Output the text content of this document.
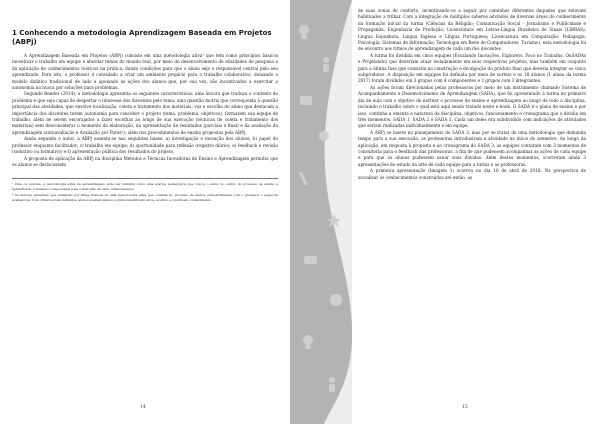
1 Conhecendo a metodologia Aprendizagem Baseada em Projetos (ABPj)

A Aprendizagem Baseada em Projetos (ABPj) consiste em uma metodologia ativa¹ que tem como princípios básicos incentivar o trabalho em equipe e abordar temas do mundo real, por meio do desenvolvimento de atividades de pesquisa e da aplicação de conhecimentos teóricos na prática, dando condições para que o aluno seja o responsável central pelo seu aprendizado. Para isto, o professor é convidado a criar um ambiente propício para o trabalho colaborativo, deixando o modelo didático tradicional de lado e apoiando as ações dos alunos que, por sua vez, são incentivados a exercitar a autonomia na busca por soluções para problemas.

Segundo Bender (2014), a metodologia apresenta os seguintes características: uma âncora que traduza o contexto do problema e que seja capaz de despertar o interesse dos discentes pelo tema; uma questão motriz que corresponda à questão principal das atividades, que envolve localização, coleta e tratamento dos materiais; voz e escolha do aluno que destacam a importância dos discentes terem autonomia para conceber o projeto (tema, problema, objetivos), formarem sua equipe de trabalho, além de serem encorajados a fazer escolhas ao longo de sua execução (técnicas de coleta e tratamento dos materiais) sem desconsiderar o momento da elaboração, da apresentação de resultados (parciais e final) e da avaliação da aprendizagem (autoavaliação e Avaliação por Pares²); além dos procedimentos de ensino propostos pela ABPj.

Ainda segundo o autor, a ABPj assenta-se nas seguintes bases: a) investigação e inovação dos alunos; b) papel do professor enquanto facilitador; c) trabalho em equipe; d) oportunidade para reflexão (registro diário); e) feedback e revisão (somativo ou formativo) e f) apresentação pública dos resultados do projeto.

A proposta de aplicação da ABPj na disciplina Métodos e Técnicas Inovadoras de Ensino e Aprendizagem permitiu que os alunos se deslocassem

¹ Para os autores, a metodologia ativa de aprendizagem pode ser definida como uma prática pedagógica que coloca o aluno no centro do processo de ensino e aprendizado, tornando-o responsável pela construção de seus conhecimentos.

² Os autores entendem que Avaliação por Pares trata-se de uma metodologia ativa que consiste no processo de alunos compartilharem com o professor o papel de avaliadores. Com critérios bem definidos, alunos avaliam alunos e juntos identificam erros, acertos e constroem conhecimento.

14

de suas zonas de conforto, incentivando-os a seguir por caminhos diferentes daqueles que estavam habituados a trilhar. Com a integração de múltiplos saberes advindos de diversas áreas do conhecimento da formação inicial da turma (Ciências da Religião; Comunicação Social - Jornalismo e Publicidade e Propaganda; Engenharia de Produção; Licenciatura em Letras-Língua Brasileira de Sinais (LIBRAS), Língua Espanhola, Língua Inglesa e Língua Portuguesa; Licenciatura em Computação; Pedagogia; Psicologia; Sistemas de Informação; Tecnologia em Rede de Computadores; Turismo), esta metodologia foi de encontro aos ritmos de aprendizagem de cada um dos discentes.

A turma foi dividida em cinco equipes (Escalando Inovações, Explorers, Foco no Trabalho, OuSADAs e Projetando) que deveriam atuar isoladamente em seus respectivos projetos, mas também em conjunto para a última fase que consistia na construção e divulgação do produto final que deveria integrar os cinco subprodutos. A disposição em equipes foi definida por meio de sorteio e os 18 alunos (1 aluno da turma 2017) foram divididos em 3 grupos com 4 componentes e 2 grupos com 3 integrantes.

As ações foram direcionadas pelas professoras por meio de um instrumento chamado Sistema de Acompanhamento e Desenvolvimento de Aprendizagem (SADA), que foi apresentado à turma no primeiro dia de aula com o objetivo de nortear o processo de ensino e aprendizagem ao longo de todo a disciplina, incluindo o trabalho sobre o qual está aqui sendo tratado neste e-book. O SADA é o plano de ensino e por isso, continha a ementa e natureza da disciplina, objetivos, funcionamento e cronograma que o dividia em três momentos: SADA 1, SADA 2 e SADA 3. Cada um deles era subdividido com indicações de atividades que seriam realizadas individualmente e em equipe.

A ABPj se insere no planejamento do SADA 3, mas por se tratar de uma metodologia que demanda tempo para a sua execução, as professoras introduziram a atividade no início do semestre. Ao longo da aplicação, em resposta à proposta e ao cronograma do SADA 3, as equipes contaram com 3 momentos de consultoria para o feedback das professoras, a fim de que pudessem acompanhar as ações de cada equipe e para que os alunos pudessem sanar suas dúvidas. Além destes momentos, ocorreram ainda 3 apresentações do estado da arte de cada equipe para a turma e as professoras.

A primeira apresentação (Imagem 1) ocorreu no dia 16 de abril de 2018. Na perspectiva de socializar os conhecimentos construídos até então, as

15
